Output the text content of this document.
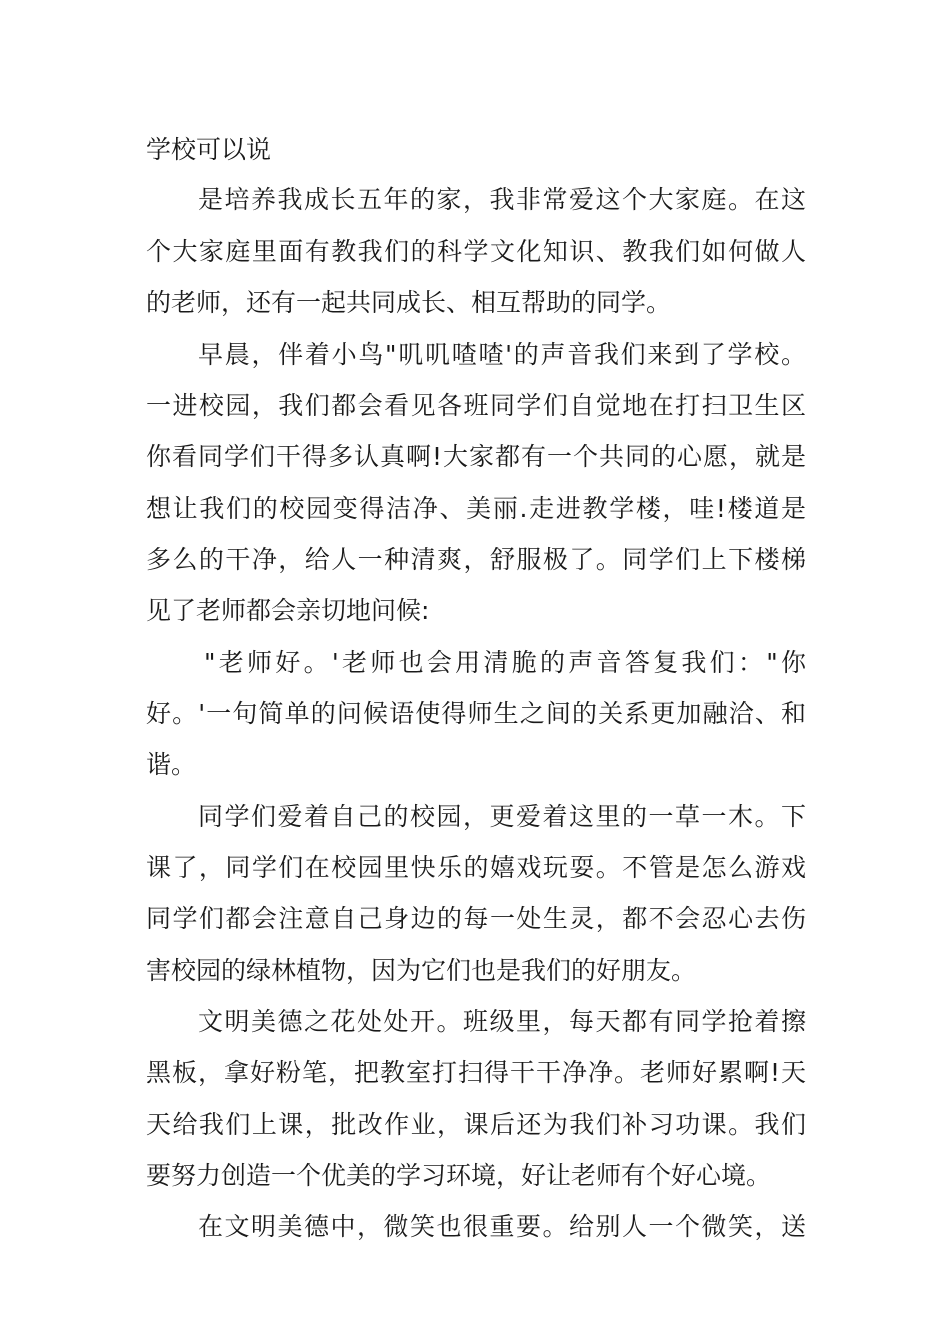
学校可以说
是培养我成长五年的家，我非常爱这个大家庭。在这
个大家庭里面有教我们的科学文化知识、教我们如何做人
的老师，还有一起共同成长、相互帮助的同学。
早晨，伴着小鸟"叽叽喳喳'的声音我们来到了学校。
一进校园，我们都会看见各班同学们自觉地在打扫卫生区
你看同学们干得多认真啊!大家都有一个共同的心愿，就是
想让我们的校园变得洁净、美丽.走进教学楼，哇!楼道是
多么的干净，给人一种清爽，舒服极了。同学们上下楼梯
见了老师都会亲切地问候:
"老师好。'老师也会用清脆的声音答复我们："你
好。'一句简单的问候语使得师生之间的关系更加融洽、和
谐。
同学们爱着自己的校园，更爱着这里的一草一木。下
课了，同学们在校园里快乐的嬉戏玩耍。不管是怎么游戏
同学们都会注意自己身边的每一处生灵，都不会忍心去伤
害校园的绿林植物，因为它们也是我们的好朋友。
文明美德之花处处开。班级里，每天都有同学抢着擦
黑板，拿好粉笔，把教室打扫得干干净净。老师好累啊!天
天给我们上课，批改作业，课后还为我们补习功课。我们
要努力创造一个优美的学习环境，好让老师有个好心境。
在文明美德中，微笑也很重要。给别人一个微笑，送
